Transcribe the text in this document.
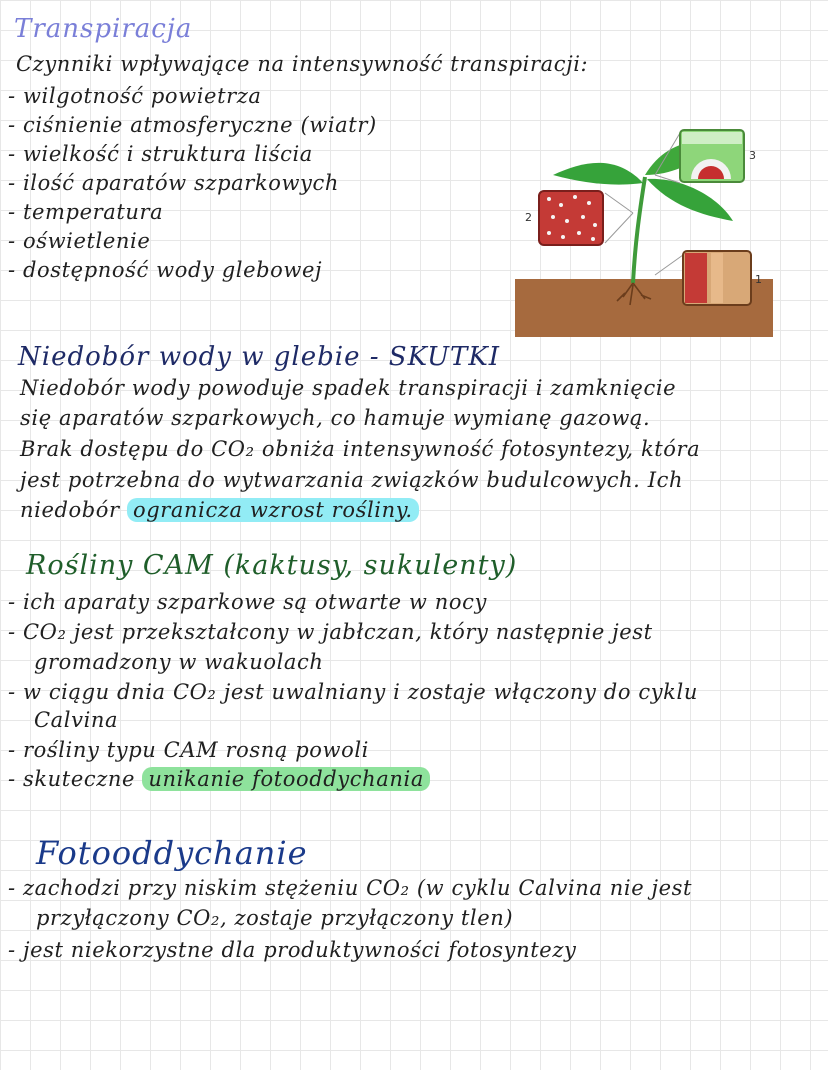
Transpiracja
Czynniki wpływające na intensywność transpiracji:
- wilgotność powietrza
- ciśnienie atmosferyczne (wiatr)
- wielkość i struktura liścia
- ilość aparatów szparkowych
- temperatura
- oświetlenie
- dostępność wody glebowej
2
3
1
Niedobór wody w glebie - SKUTKI
Niedobór wody powoduje spadek transpiracji i zamknięcie
się aparatów szparkowych, co hamuje wymianę gazową.
Brak dostępu do CO₂ obniża intensywność fotosyntezy, która
jest potrzebna do wytwarzania związków budulcowych. Ich
niedobór ogranicza wzrost rośliny.
Rośliny CAM (kaktusy, sukulenty)
- ich aparaty szparkowe są otwarte w nocy
- CO₂ jest przekształcony w jabłczan, który następnie jest
gromadzony w wakuolach
- w ciągu dnia CO₂ jest uwalniany i zostaje włączony do cyklu
Calvina
- rośliny typu CAM rosną powoli
- skuteczne unikanie fotooddychania
Fotooddychanie
- zachodzi przy niskim stężeniu CO₂ (w cyklu Calvina nie jest
przyłączony CO₂, zostaje przyłączony tlen)
- jest niekorzystne dla produktywności fotosyntezy
